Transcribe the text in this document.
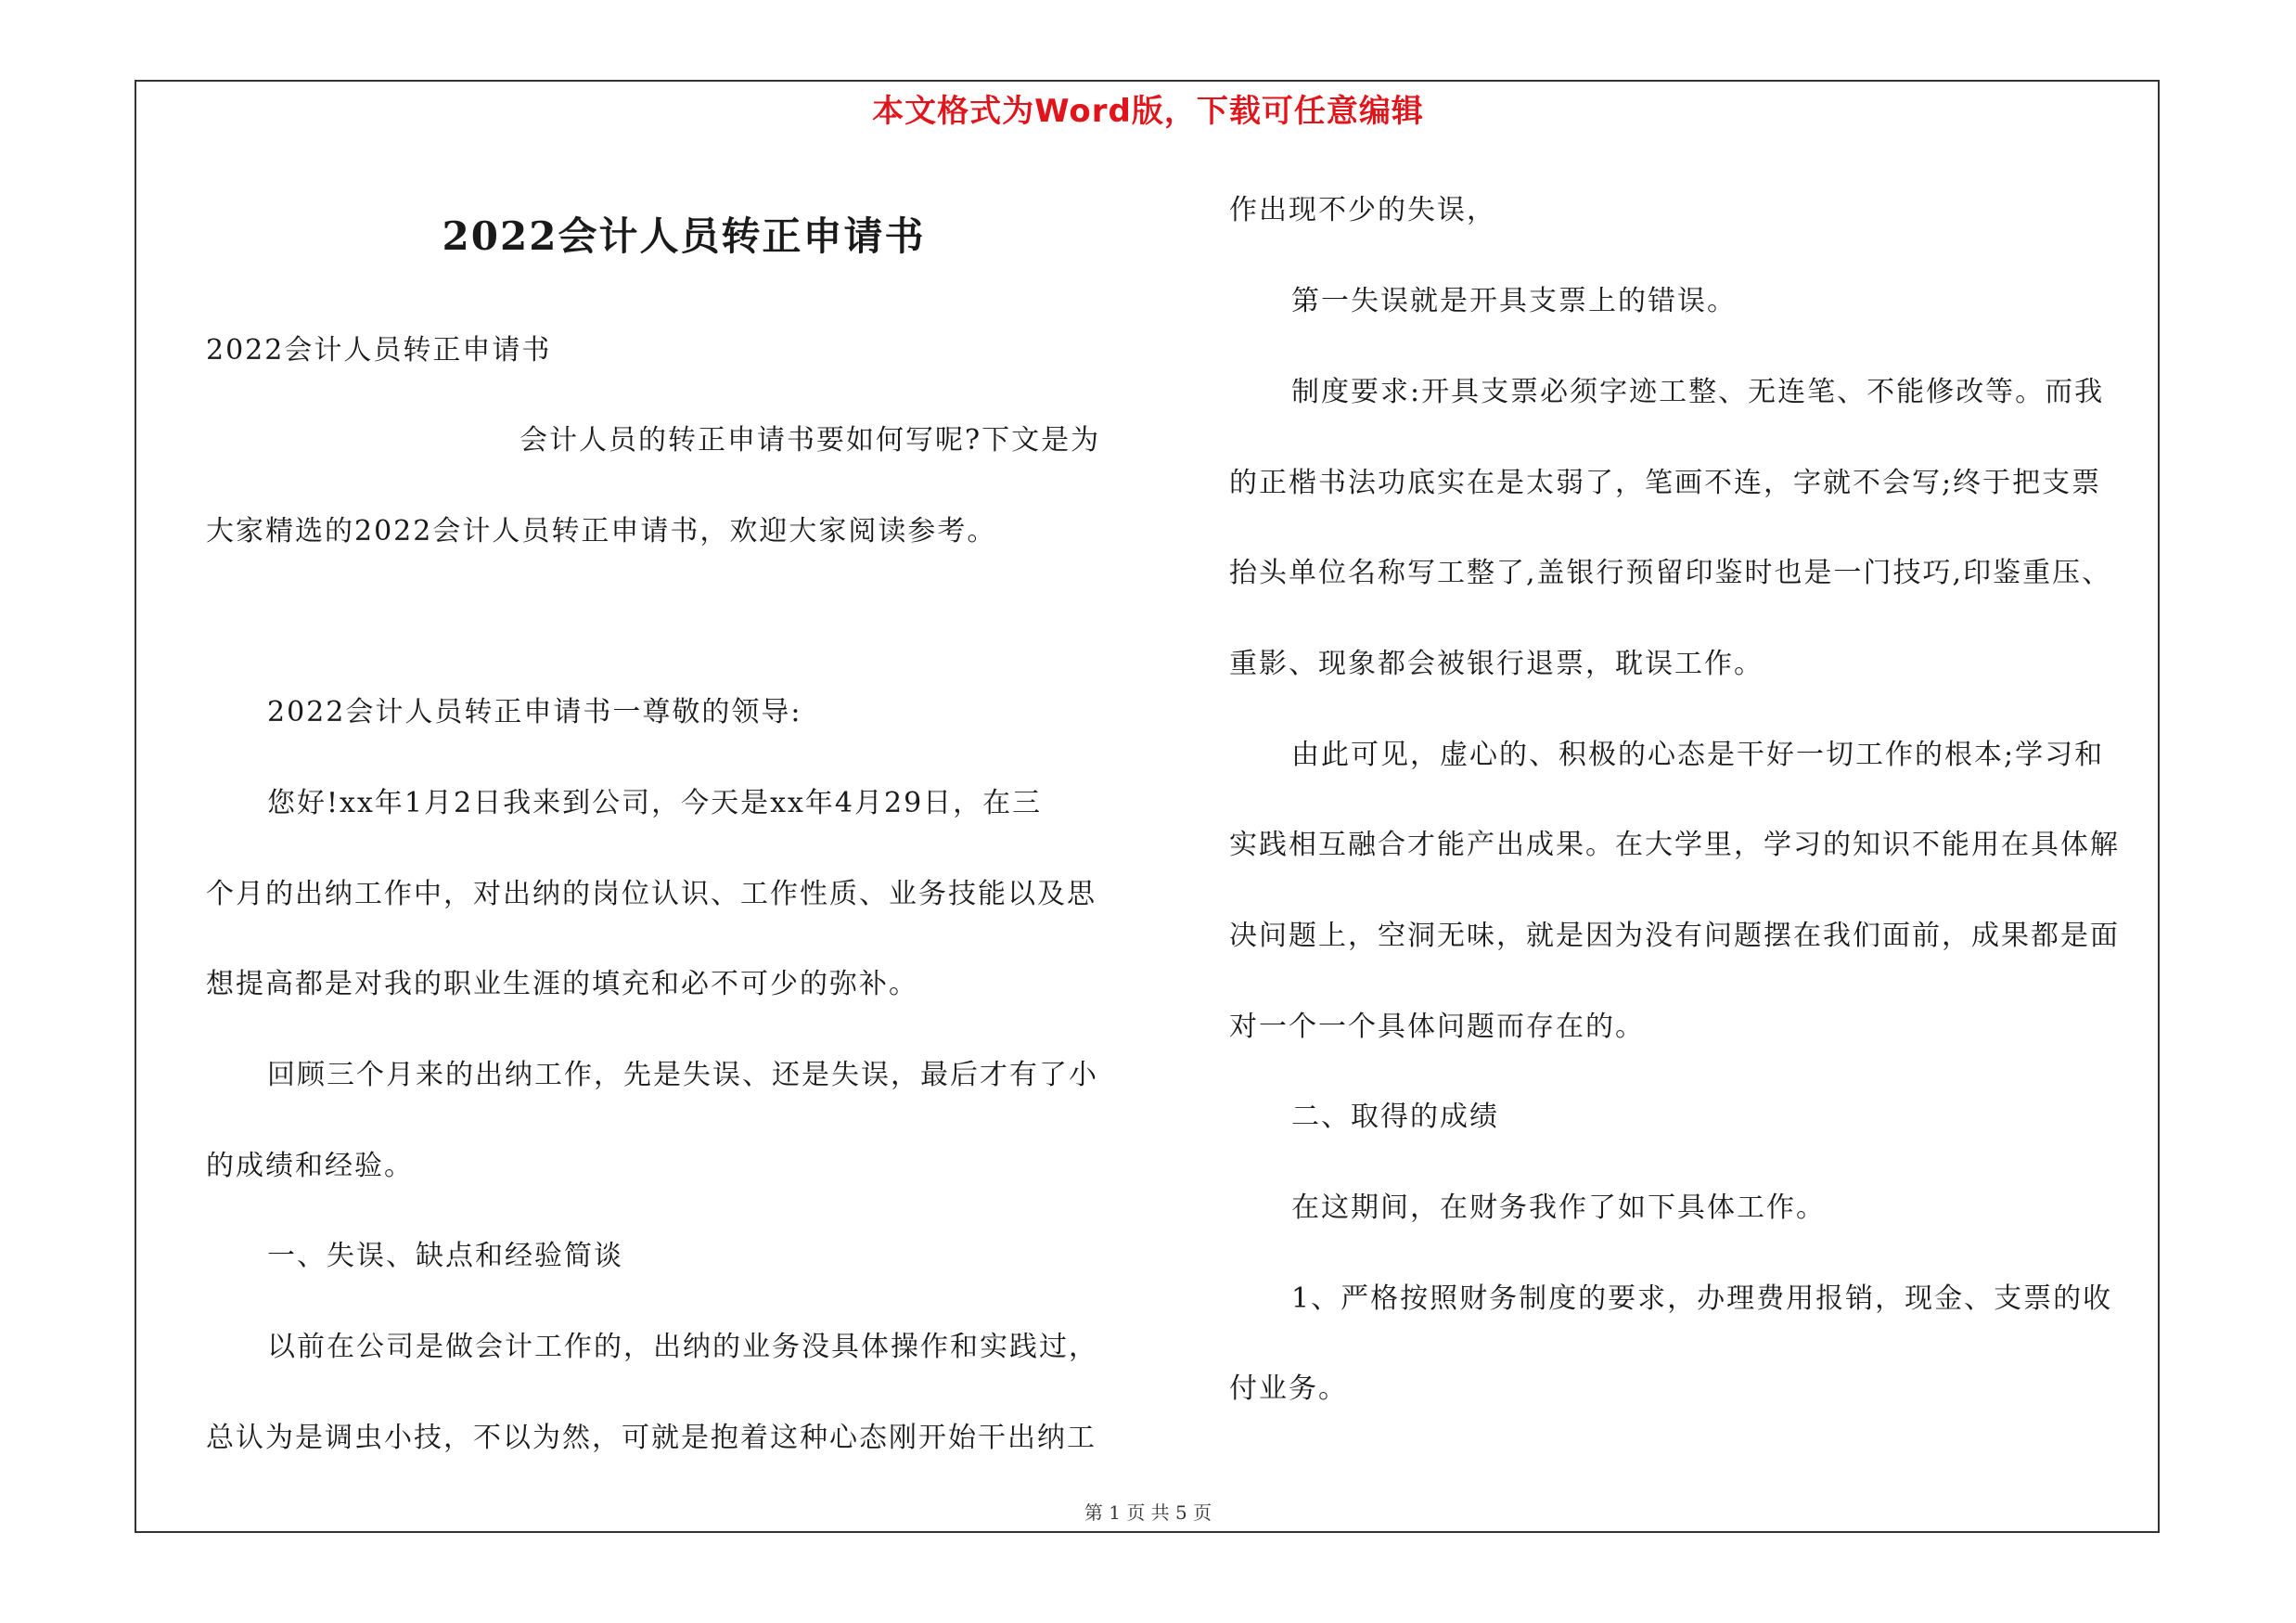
本文格式为Word版，下载可任意编辑
2022会计人员转正申请书
2022会计人员转正申请书
会计人员的转正申请书要如何写呢?下文是为
大家精选的2022会计人员转正申请书，欢迎大家阅读参考。
2022会计人员转正申请书一尊敬的领导:
您好!xx年1月2日我来到公司，今天是xx年4月29日，在三
个月的出纳工作中，对出纳的岗位认识、工作性质、业务技能以及思
想提高都是对我的职业生涯的填充和必不可少的弥补。
回顾三个月来的出纳工作，先是失误、还是失误，最后才有了小
的成绩和经验。
一、失误、缺点和经验简谈
以前在公司是做会计工作的，出纳的业务没具体操作和实践过，
总认为是调虫小技，不以为然，可就是抱着这种心态刚开始干出纳工
作出现不少的失误，
第一失误就是开具支票上的错误。
制度要求:开具支票必须字迹工整、无连笔、不能修改等。而我
的正楷书法功底实在是太弱了，笔画不连，字就不会写;终于把支票
抬头单位名称写工整了,盖银行预留印鉴时也是一门技巧,印鉴重压、
重影、现象都会被银行退票，耽误工作。
由此可见，虚心的、积极的心态是干好一切工作的根本;学习和
实践相互融合才能产出成果。在大学里，学习的知识不能用在具体解
决问题上，空洞无味，就是因为没有问题摆在我们面前，成果都是面
对一个一个具体问题而存在的。
二、取得的成绩
在这期间，在财务我作了如下具体工作。
1、严格按照财务制度的要求，办理费用报销，现金、支票的收
付业务。
第 1 页 共 5 页
